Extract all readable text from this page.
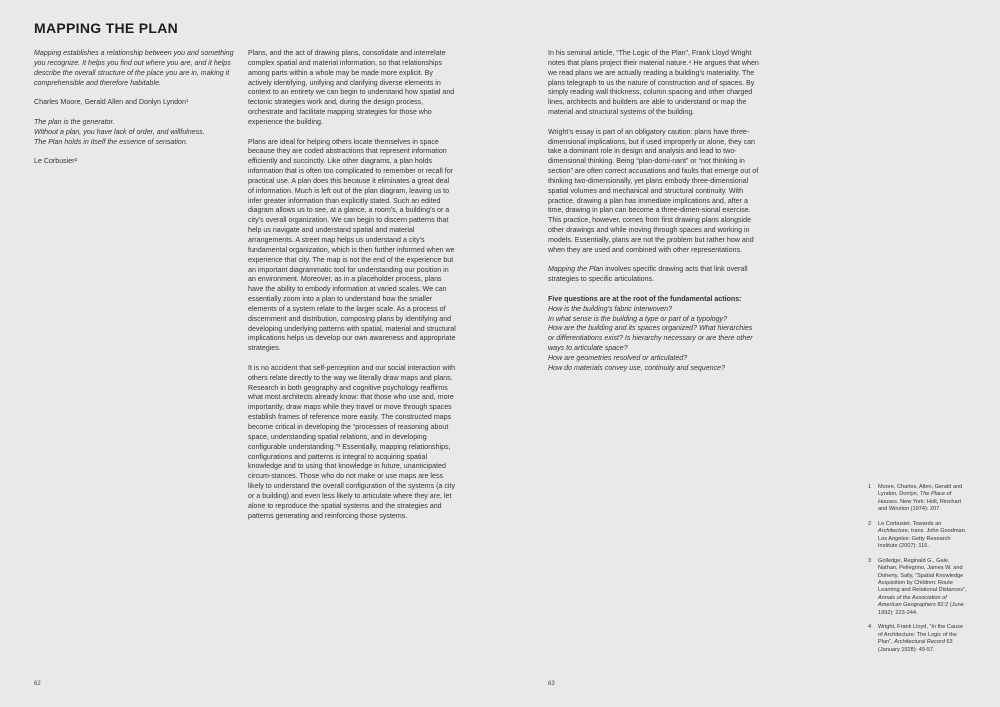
MAPPING THE PLAN

Mapping establishes a relationship between you and something you recognize. It helps you find out where you are, and it helps describe the overall structure of the place you are in, making it comprehensible and therefore habitable.

Charles Moore, Gerald Allen and Donlyn Lyndon¹

The plan is the generator.
Without a plan, you have lack of order, and willfulness.
The Plan holds in itself the essence of sensation.

Le Corbusier²

Plans, and the act of drawing plans, consolidate and interrelate complex spatial and material information, so that relationships among parts within a whole may be made more explicit. By actively identifying, unifying and clarifying diverse elements in context to an entirety we can begin to understand how spatial and tectonic strategies work and, during the design process, orchestrate and facilitate mapping strategies for those who experience the building.

Plans are ideal for helping others locate themselves in space because they are coded abstractions that represent information efficiently and succinctly. Like other diagrams, a plan holds information that is often too complicated to remember or recall for practical use. A plan does this because it eliminates a great deal of information. Much is left out of the plan diagram, leaving us to infer greater information than explicitly stated. Such an edited diagram allows us to see, at a glance, a room’s, a building’s or a city’s overall organization. We can begin to discern patterns that help us navigate and understand spatial and material arrangements. A street map helps us understand a city’s fundamental organization, which is then further informed when we experience that city. The map is not the end of the experience but an important diagrammatic tool for understanding our position in an environment. Moreover, as in a placeholder process, plans have the ability to embody information at varied scales. We can essentially zoom into a plan to understand how the smaller elements of a system relate to the larger scale. As a process of discernment and distribution, composing plans by identifying and developing underlying patterns with spatial, material and structural implications helps us develop our own awareness and appropriate strategies.

It is no accident that self-perception and our social interaction with others relate directly to the way we literally draw maps and plans. Research in both geography and cognitive psychology reaffirms what most architects already know: that those who use and, more importantly, draw maps while they travel or move through spaces establish frames of reference more easily. The constructed maps become critical in developing the “processes of reasoning about space, understanding spatial relations, and in developing configurable understanding.”³ Essentially, mapping relationships, configurations and patterns is integral to acquiring spatial knowledge and to using that knowledge in future, unanticipated circum-stances. Those who do not make or use maps are less likely to understand the overall configuration of the systems (a city or a building) and even less likely to articulate where they are, let alone to reproduce the spatial systems and the strategies and patterns generating and reinforcing those systems.

In his seminal article, “The Logic of the Plan”, Frank Lloyd Wright notes that plans project their material nature.⁴ He argues that when we read plans we are actually reading a building’s materiality. The plans telegraph to us the nature of construction and of spaces. By simply reading wall thickness, column spacing and other charged lines, architects and builders are able to understand or map the material and structural systems of the building.

Wright’s essay is part of an obligatory caution: plans have three-dimensional implications, but if used improperly or alone, they can take a dominant role in design and analysis and lead to two-dimensional thinking. Being “plan-domi-nant” or “not thinking in section” are often correct accusations and faults that emerge out of thinking two-dimensionally, yet plans embody three-dimensional spatial volumes and mechanical and structural continuity. With practice, drawing a plan has immediate implications and, after a time, drawing in plan can become a three-dimen-sional exercise. This practice, however, comes from first drawing plans alongside other drawings and while moving through spaces and working in models. Essentially, plans are not the problem but rather how and when they are used and combined with other representations.

Mapping the Plan involves specific drawing acts that link overall strategies to specific articulations.

Five questions are at the root of the fundamental actions:
How is the building’s fabric interwoven?
In what sense is the building a type or part of a typology?
How are the building and its spaces organized? What hierarchies or differentiations exist? Is hierarchy necessary or are there other ways to articulate space?
How are geometries resolved or articulated?
How do materials convey use, continuity and sequence?

1	Moore, Charles, Allen, Gerald and Lyndon, Donlyn, The Place of Houses. New York: Holt, Rinehart and Winston (1974): 207.
2	Le Corbusier, Towards an Architecture, trans. John Goodman. Los Angeles: Getty Research Institute (2007): 116.
3	Golledge, Reginald G., Gale, Nathan, Pellegrino, James W. and Doherty, Sally, “Spatial Knowledge Acquisition by Children: Route Learning and Relational Distances”, Annals of the Association of American Geographers 82:2 (June 1992): 223-244.
4	Wright, Frank Lloyd, “In the Cause of Architecture: The Logic of the Plan”, Architectural Record 63 (January 1928): 49-57.
62	63
